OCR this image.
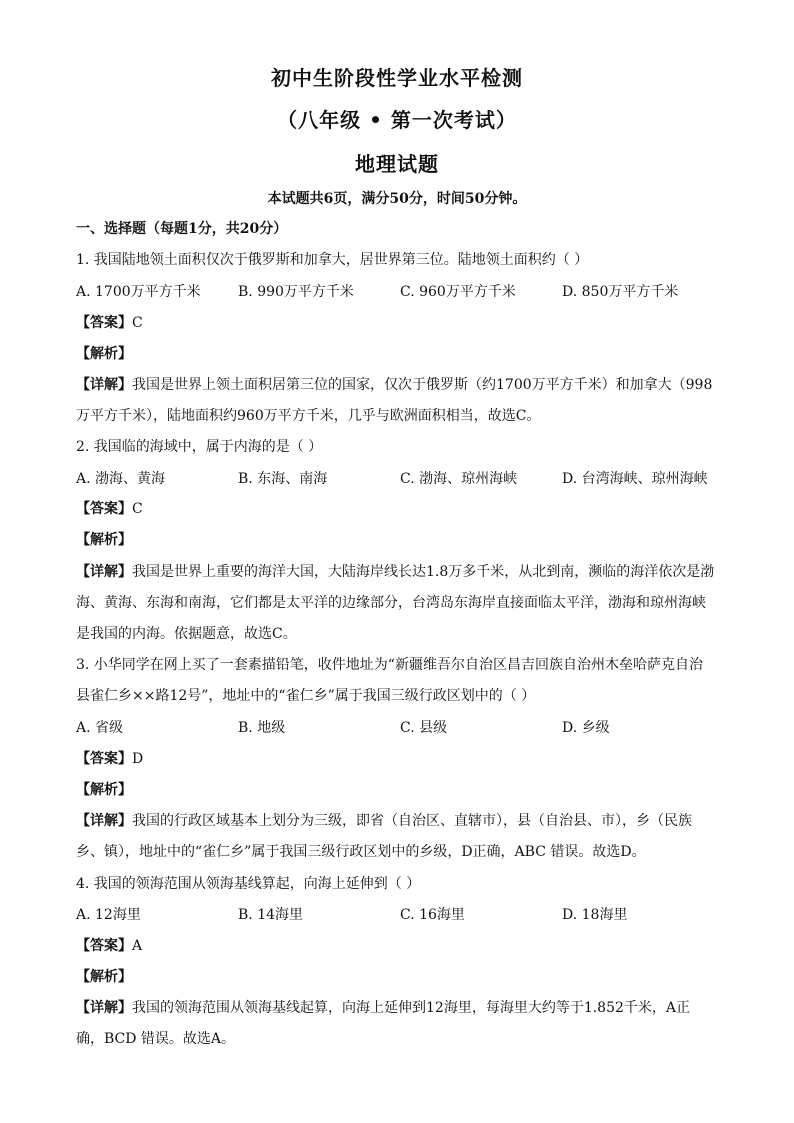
初中生阶段性学业水平检测
（八年级 • 第一次考试）
地理试题
本试题共6页，满分50分，时间50分钟。
一、选择题（每题1分，共20分）
1. 我国陆地领土面积仅次于俄罗斯和加拿大，居世界第三位。陆地领土面积约（ ）
A. 1700万平方千米	B. 990万平方千米	C. 960万平方千米	D. 850万平方千米
【答案】C
【解析】
【详解】我国是世界上领土面积居第三位的国家，仅次于俄罗斯（约1700万平方千米）和加拿大（998
万平方千米），陆地面积约960万平方千米，几乎与欧洲面积相当，故选C。
2. 我国临的海域中，属于内海的是（ ）
A. 渤海、黄海	B. 东海、南海	C. 渤海、琼州海峡	D. 台湾海峡、琼州海峡
【答案】C
【解析】
【详解】我国是世界上重要的海洋大国，大陆海岸线长达1.8万多千米，从北到南，濒临的海洋依次是渤
海、黄海、东海和南海，它们都是太平洋的边缘部分，台湾岛东海岸直接面临太平洋，渤海和琼州海峡
是我国的内海。依据题意，故选C。
3. 小华同学在网上买了一套素描铅笔，收件地址为“新疆维吾尔自治区昌吉回族自治州木垒哈萨克自治
县雀仁乡××路12号”，地址中的“雀仁乡”属于我国三级行政区划中的（ ）
A. 省级	B. 地级	C. 县级	D. 乡级
【答案】D
【解析】
【详解】我国的行政区域基本上划分为三级，即省（自治区、直辖市），县（自治县、市），乡（民族
乡、镇），地址中的“雀仁乡”属于我国三级行政区划中的乡级，D正确，ABC 错误。故选D。
4. 我国的领海范围从领海基线算起，向海上延伸到（ ）
A. 12海里	B. 14海里	C. 16海里	D. 18海里
【答案】A
【解析】
【详解】我国的领海范围从领海基线起算，向海上延伸到12海里，每海里大约等于1.852千米，A正
确，BCD 错误。故选A。
